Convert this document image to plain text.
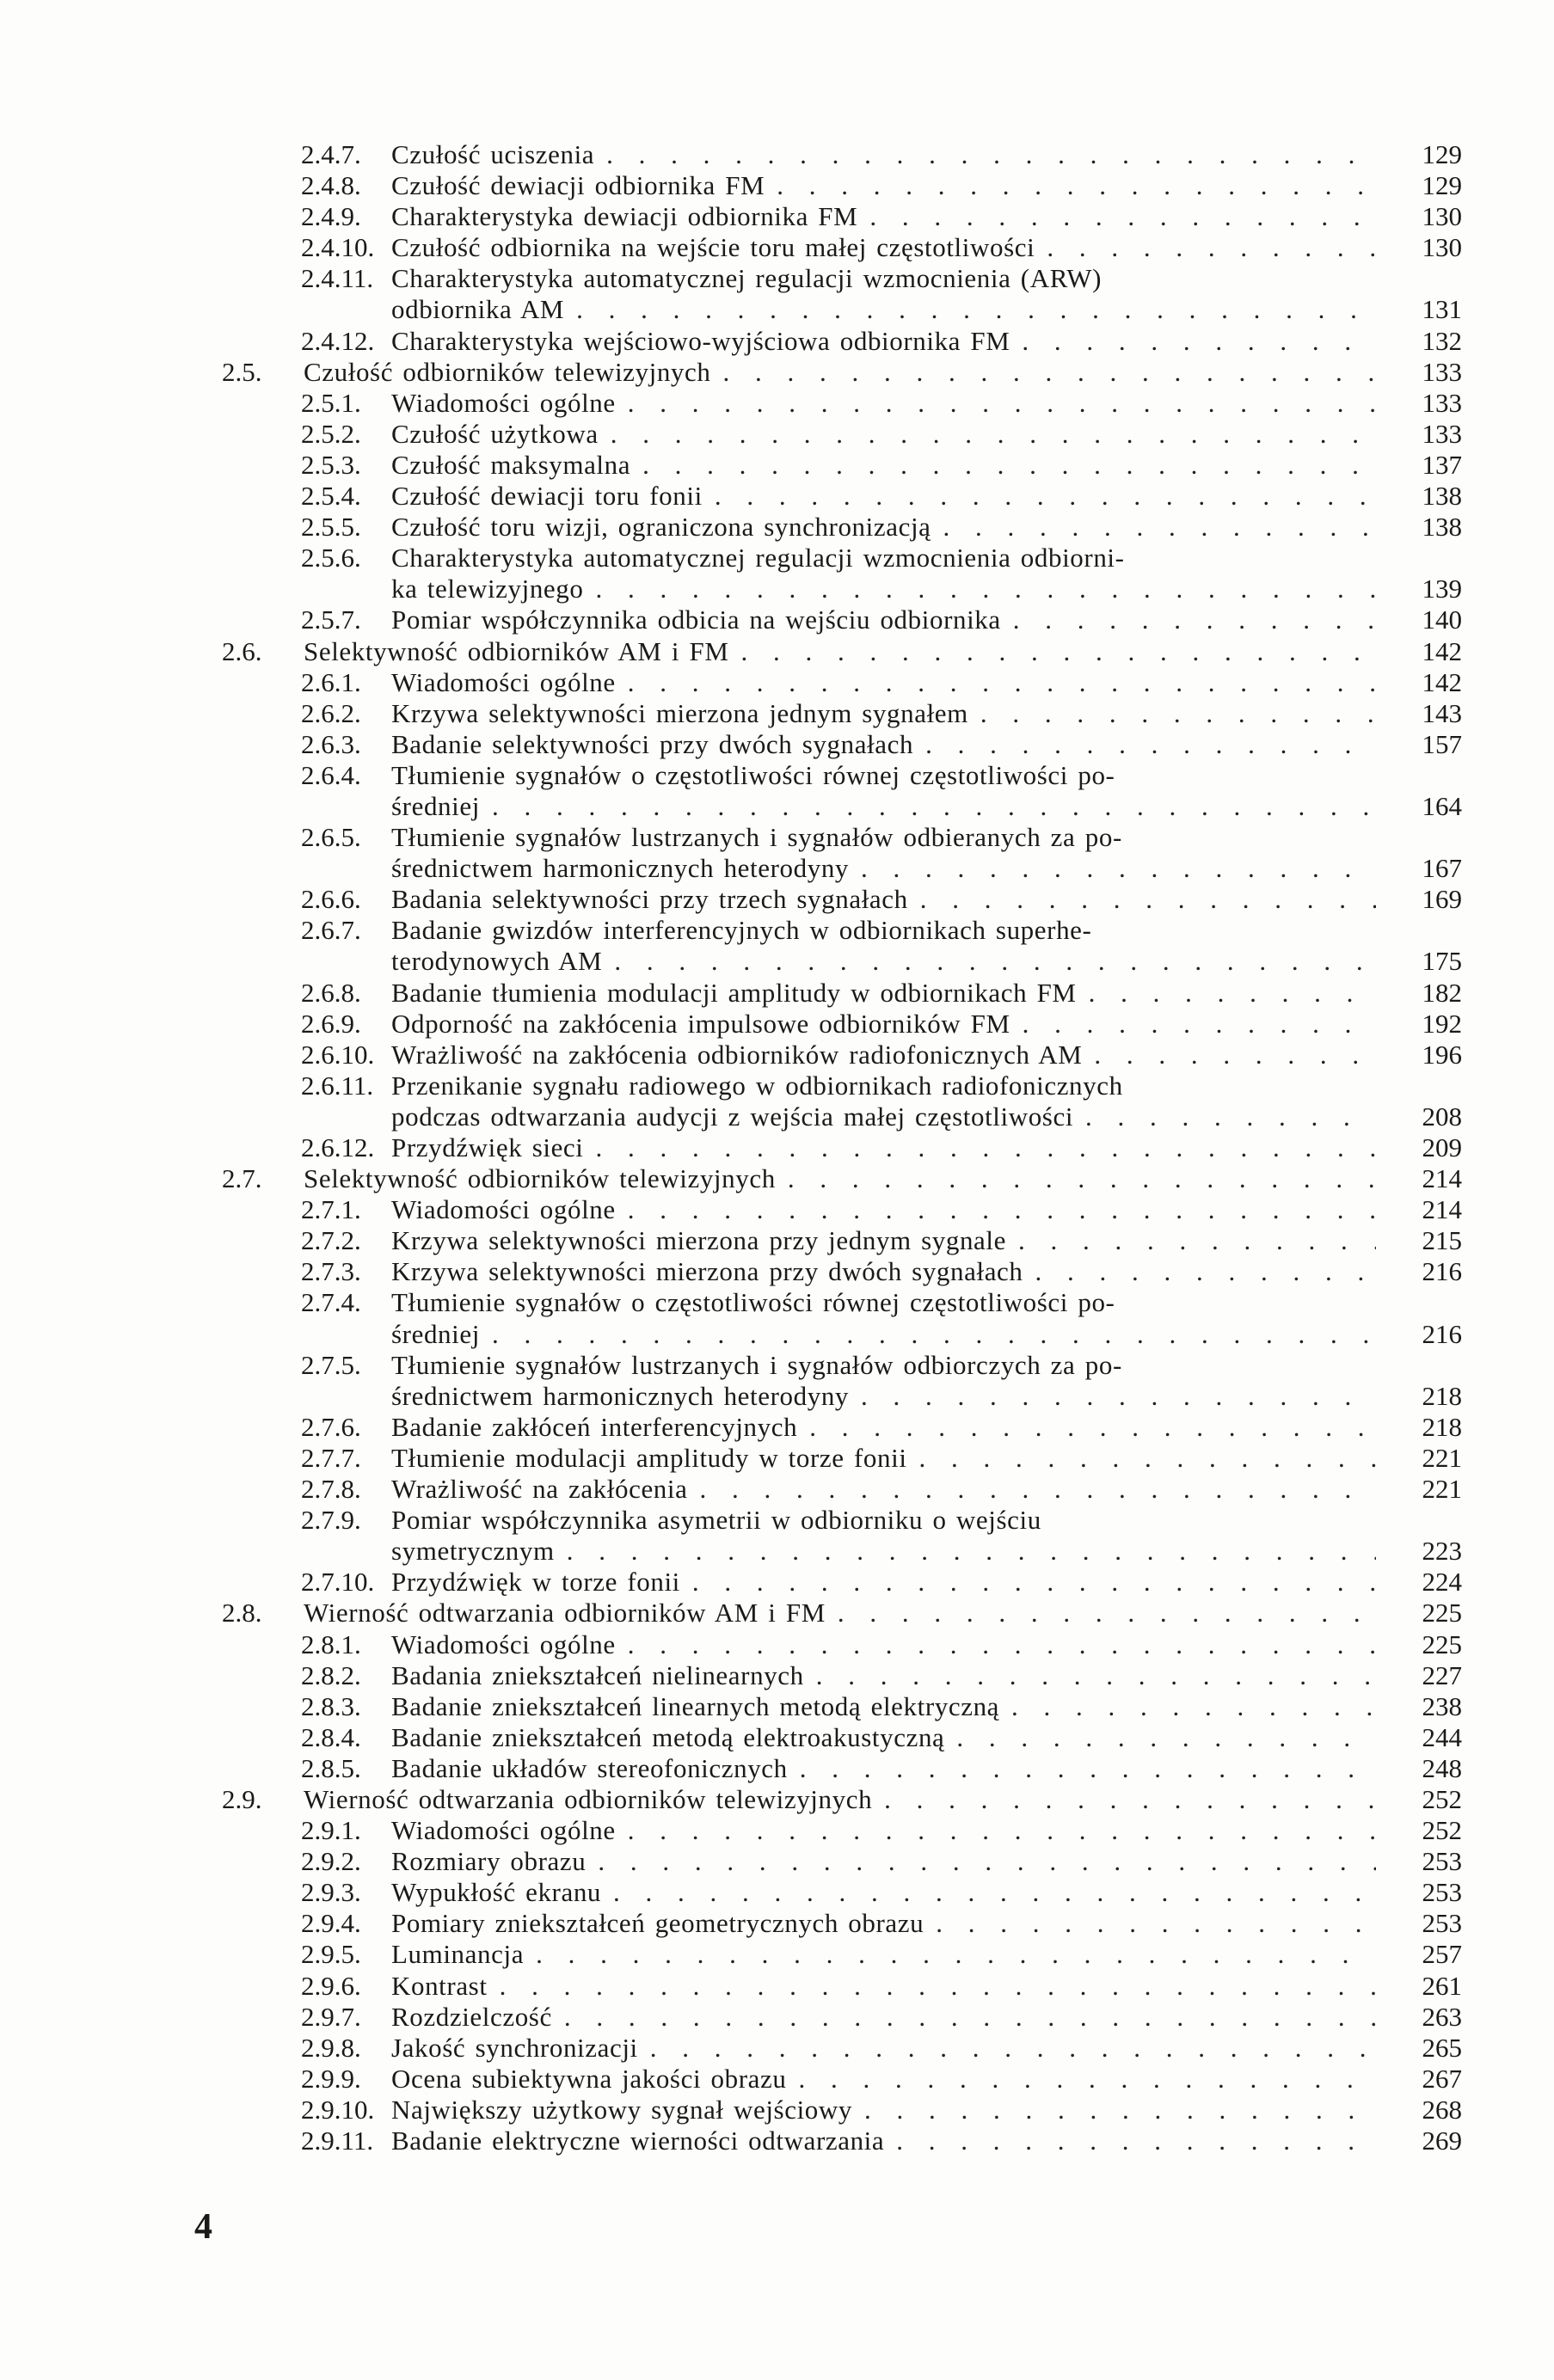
2.4.7. Czułość uciszenia . . .	129
2.4.8. Czułość dewiacji odbiornika FM . . .	129
2.4.9. Charakterystyka dewiacji odbiornika FM . . .	130
2.4.10. Czułość odbiornika na wejście toru małej częstotliwości . . .	130
2.4.11. Charakterystyka automatycznej regulacji wzmocnienia (ARW)
odbiornika AM . . .	131
2.4.12. Charakterystyka wejściowo-wyjściowa odbiornika FM . . .	132
2.5. Czułość odbiorników telewizyjnych . . .	133
2.5.1. Wiadomości ogólne . . .	133
2.5.2. Czułość użytkowa . . .	133
2.5.3. Czułość maksymalna . . .	137
2.5.4. Czułość dewiacji toru fonii . . .	138
2.5.5. Czułość toru wizji, ograniczona synchronizacją . . .	138
2.5.6. Charakterystyka automatycznej regulacji wzmocnienia odbiorni-
ka telewizyjnego . . .	139
2.5.7. Pomiar współczynnika odbicia na wejściu odbiornika . . .	140
2.6. Selektywność odbiorników AM i FM . . .	142
2.6.1. Wiadomości ogólne . . .	142
2.6.2. Krzywa selektywności mierzona jednym sygnałem . . .	143
2.6.3. Badanie selektywności przy dwóch sygnałach . . .	157
2.6.4. Tłumienie sygnałów o częstotliwości równej częstotliwości po-
średniej . . .	164
2.6.5. Tłumienie sygnałów lustrzanych i sygnałów odbieranych za po-
średnictwem harmonicznych heterodyny . . .	167
2.6.6. Badania selektywności przy trzech sygnałach . . .	169
2.6.7. Badanie gwizdów interferencyjnych w odbiornikach superhe-
terodynowych AM . . .	175
2.6.8. Badanie tłumienia modulacji amplitudy w odbiornikach FM . . .	182
2.6.9. Odporność na zakłócenia impulsowe odbiorników FM . . .	192
2.6.10. Wrażliwość na zakłócenia odbiorników radiofonicznych AM . . .	196
2.6.11. Przenikanie sygnału radiowego w odbiornikach radiofonicznych
podczas odtwarzania audycji z wejścia małej częstotliwości . . .	208
2.6.12. Przydźwięk sieci . . .	209
2.7. Selektywność odbiorników telewizyjnych . . .	214
2.7.1. Wiadomości ogólne . . .	214
2.7.2. Krzywa selektywności mierzona przy jednym sygnale . . .	215
2.7.3. Krzywa selektywności mierzona przy dwóch sygnałach . . .	216
2.7.4. Tłumienie sygnałów o częstotliwości równej częstotliwości po-
średniej . . .	216
2.7.5. Tłumienie sygnałów lustrzanych i sygnałów odbiorczych za po-
średnictwem harmonicznych heterodyny . . .	218
2.7.6. Badanie zakłóceń interferencyjnych . . .	218
2.7.7. Tłumienie modulacji amplitudy w torze fonii . . .	221
2.7.8. Wrażliwość na zakłócenia . . .	221
2.7.9. Pomiar współczynnika asymetrii w odbiorniku o wejściu
symetrycznym . . .	223
2.7.10. Przydźwięk w torze fonii . . .	224
2.8. Wierność odtwarzania odbiorników AM i FM . . .	225
2.8.1. Wiadomości ogólne . . .	225
2.8.2. Badania zniekształceń nielinearnych . . .	227
2.8.3. Badanie zniekształceń linearnych metodą elektryczną . . .	238
2.8.4. Badanie zniekształceń metodą elektroakustyczną . . .	244
2.8.5. Badanie układów stereofonicznych . . .	248
2.9. Wierność odtwarzania odbiorników telewizyjnych . . .	252
2.9.1. Wiadomości ogólne . . .	252
2.9.2. Rozmiary obrazu . . .	253
2.9.3. Wypukłość ekranu . . .	253
2.9.4. Pomiary zniekształceń geometrycznych obrazu . . .	253
2.9.5. Luminancja . . .	257
2.9.6. Kontrast . . .	261
2.9.7. Rozdzielczość . . .	263
2.9.8. Jakość synchronizacji . . .	265
2.9.9. Ocena subiektywna jakości obrazu . . .	267
2.9.10. Największy użytkowy sygnał wejściowy . . .	268
2.9.11. Badanie elektryczne wierności odtwarzania . . .	269
4
